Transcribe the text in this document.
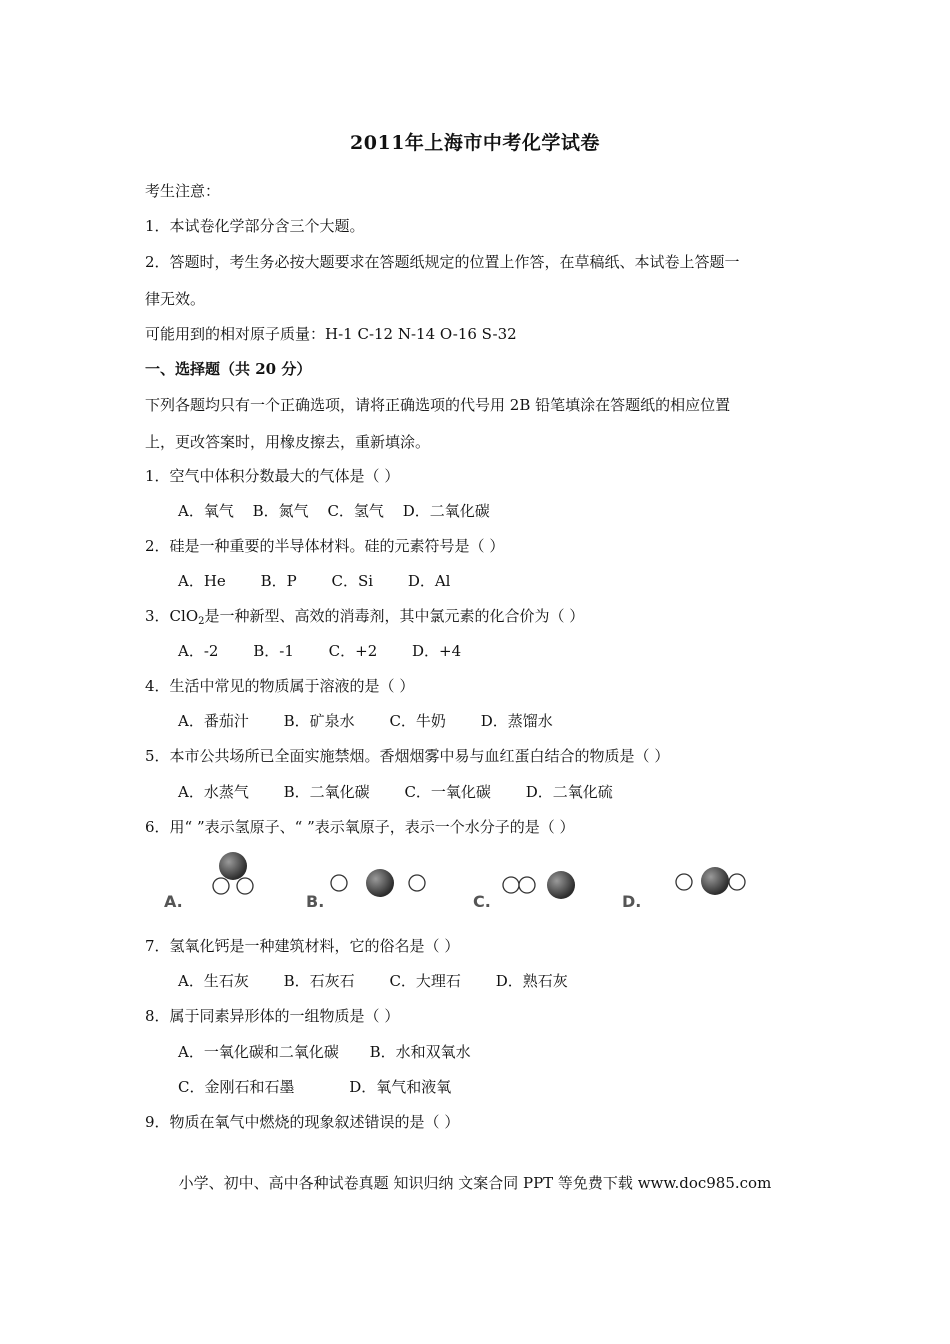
2011年上海市中考化学试卷
考生注意：
1．本试卷化学部分含三个大题。
2．答题时，考生务必按大题要求在答题纸规定的位置上作答，在草稿纸、本试卷上答题一
律无效。
可能用到的相对原子质量：H-1 C-12 N-14 O-16 S-32
一、选择题（共 20 分）
下列各题均只有一个正确选项，请将正确选项的代号用 2B 铅笔填涂在答题纸的相应位置
上，更改答案时，用橡皮擦去，重新填涂。
1．空气中体积分数最大的气体是（ ）
A．氧气 B．氮气 C．氢气 D．二氧化碳
2．硅是一种重要的半导体材料。硅的元素符号是（ ）
A．He B．P C．Si D．Al
3．ClO$_2$是一种新型、高效的消毒剂，其中氯元素的化合价为（ ）
A．-2 B．-1 C．+2 D．+4
4．生活中常见的物质属于溶液的是（ ）
A．番茄汁 B．矿泉水 C．牛奶 D．蒸馏水
5．本市公共场所已全面实施禁烟。香烟烟雾中易与血红蛋白结合的物质是（ ）
A．水蒸气 B．二氧化碳 C．一氧化碳 D．二氧化硫
6．用“ ”表示氢原子、“ ”表示氧原子，表示一个水分子的是（ ）
A.	B.	C.	D.
7．氢氧化钙是一种建筑材料，它的俗名是（ ）
A．生石灰 B．石灰石 C．大理石 D．熟石灰
8．属于同素异形体的一组物质是（ ）
A．一氧化碳和二氧化碳 B．水和双氧水
C．金刚石和石墨	D．氧气和液氧
9．物质在氧气中燃烧的现象叙述错误的是（ ）
小学、初中、高中各种试卷真题 知识归纳 文案合同 PPT 等免费下载 www.doc985.com
